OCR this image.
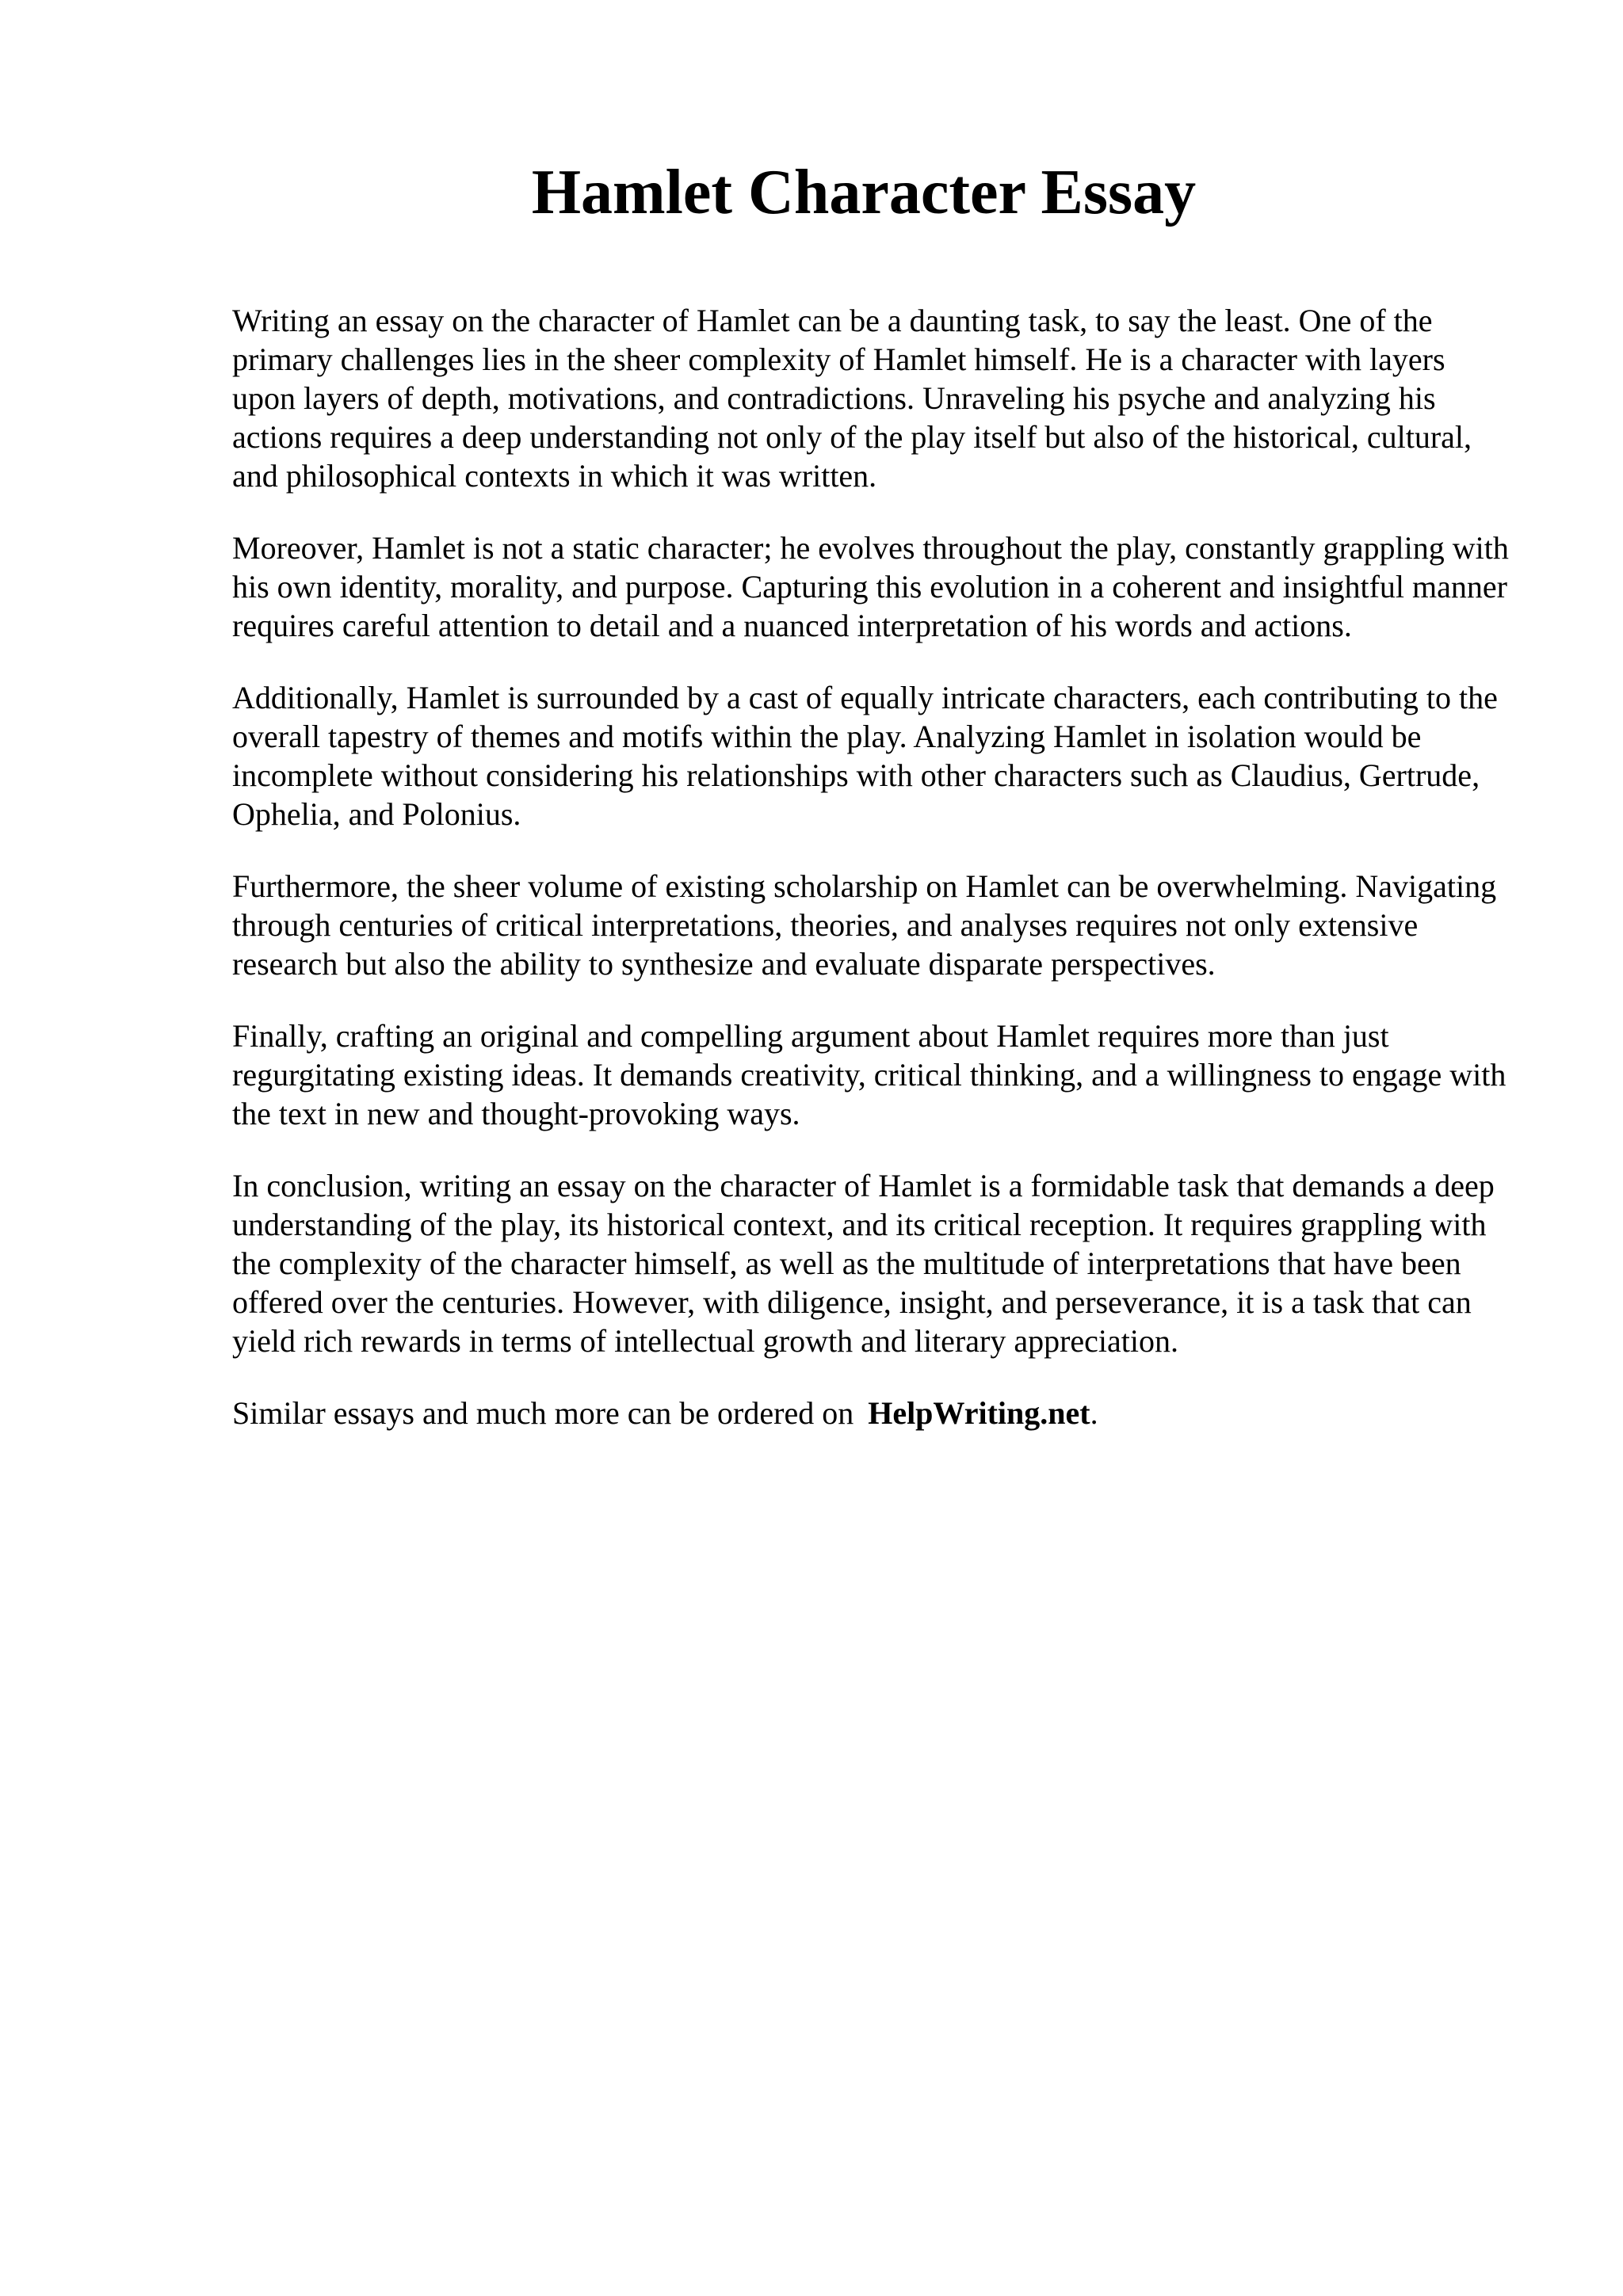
Hamlet Character Essay

Writing an essay on the character of Hamlet can be a daunting task, to say the least. One of the primary challenges lies in the sheer complexity of Hamlet himself. He is a character with layers upon layers of depth, motivations, and contradictions. Unraveling his psyche and analyzing his actions requires a deep understanding not only of the play itself but also of the historical, cultural, and philosophical contexts in which it was written.

Moreover, Hamlet is not a static character; he evolves throughout the play, constantly grappling with his own identity, morality, and purpose. Capturing this evolution in a coherent and insightful manner requires careful attention to detail and a nuanced interpretation of his words and actions.

Additionally, Hamlet is surrounded by a cast of equally intricate characters, each contributing to the overall tapestry of themes and motifs within the play. Analyzing Hamlet in isolation would be incomplete without considering his relationships with other characters such as Claudius, Gertrude, Ophelia, and Polonius.

Furthermore, the sheer volume of existing scholarship on Hamlet can be overwhelming. Navigating through centuries of critical interpretations, theories, and analyses requires not only extensive research but also the ability to synthesize and evaluate disparate perspectives.

Finally, crafting an original and compelling argument about Hamlet requires more than just regurgitating existing ideas. It demands creativity, critical thinking, and a willingness to engage with the text in new and thought-provoking ways.

In conclusion, writing an essay on the character of Hamlet is a formidable task that demands a deep understanding of the play, its historical context, and its critical reception. It requires grappling with the complexity of the character himself, as well as the multitude of interpretations that have been offered over the centuries. However, with diligence, insight, and perseverance, it is a task that can yield rich rewards in terms of intellectual growth and literary appreciation.

Similar essays and much more can be ordered on HelpWriting.net.
